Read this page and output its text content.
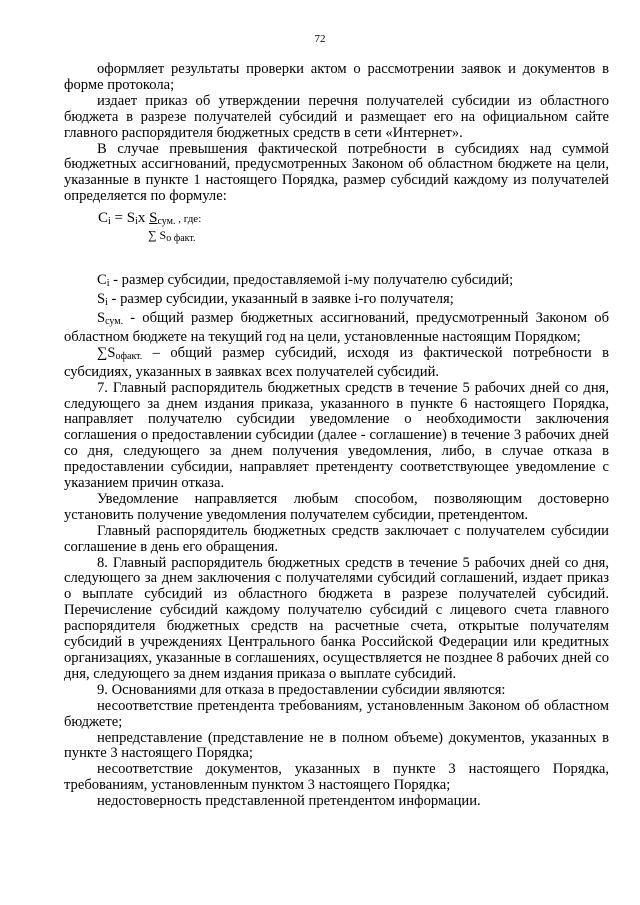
72

оформляет результаты проверки актом о рассмотрении заявок и документов в форме протокола;

издает приказ об утверждении перечня получателей субсидии из областного бюджета в разрезе получателей субсидий и размещает его на официальном сайте главного распорядителя бюджетных средств в сети «Интернет».

В случае превышения фактической потребности в субсидиях над суммой бюджетных ассигнований, предусмотренных Законом об областном бюджете на цели, указанные в пункте 1 настоящего Порядка, размер субсидий каждому из получателей определяется по формуле:

$C_i = S_ix$ $S_{сум.}$ , где:
∑ $S_{о факт.}$

$C_i$ - размер субсидии, предоставляемой i-му получателю субсидий;

$S_i$ - размер субсидии, указанный в заявке i-го получателя;

$S_{сум.}$ - общий размер бюджетных ассигнований, предусмотренный Законом об областном бюджете на текущий год на цели, установленные настоящим Порядком;

$\sum S_{офакт.}$ – общий размер субсидий, исходя из фактической потребности в субсидиях, указанных в заявках всех получателей субсидий.

7. Главный распорядитель бюджетных средств в течение 5 рабочих дней со дня, следующего за днем издания приказа, указанного в пункте 6 настоящего Порядка, направляет получателю субсидии уведомление о необходимости заключения соглашения о предоставлении субсидии (далее - соглашение) в течение 3 рабочих дней со дня, следующего за днем получения уведомления, либо, в случае отказа в предоставлении субсидии, направляет претенденту соответствующее уведомление с указанием причин отказа.

Уведомление направляется любым способом, позволяющим достоверно установить получение уведомления получателем субсидии, претендентом.

Главный распорядитель бюджетных средств заключает с получателем субсидии соглашение в день его обращения.

8. Главный распорядитель бюджетных средств в течение 5 рабочих дней со дня, следующего за днем заключения с получателями субсидий соглашений, издает приказ о выплате субсидий из областного бюджета в разрезе получателей субсидий. Перечисление субсидий каждому получателю субсидий с лицевого счета главного распорядителя бюджетных средств на расчетные счета, открытые получателям субсидий в учреждениях Центрального банка Российской Федерации или кредитных организациях, указанные в соглашениях, осуществляется не позднее 8 рабочих дней со дня, следующего за днем издания приказа о выплате субсидий.

9. Основаниями для отказа в предоставлении субсидии являются:

несоответствие претендента требованиям, установленным Законом об областном бюджете;

непредставление (представление не в полном объеме) документов, указанных в пункте 3 настоящего Порядка;

несоответствие документов, указанных в пункте 3 настоящего Порядка, требованиям, установленным пунктом 3 настоящего Порядка;

недостоверность представленной претендентом информации.
